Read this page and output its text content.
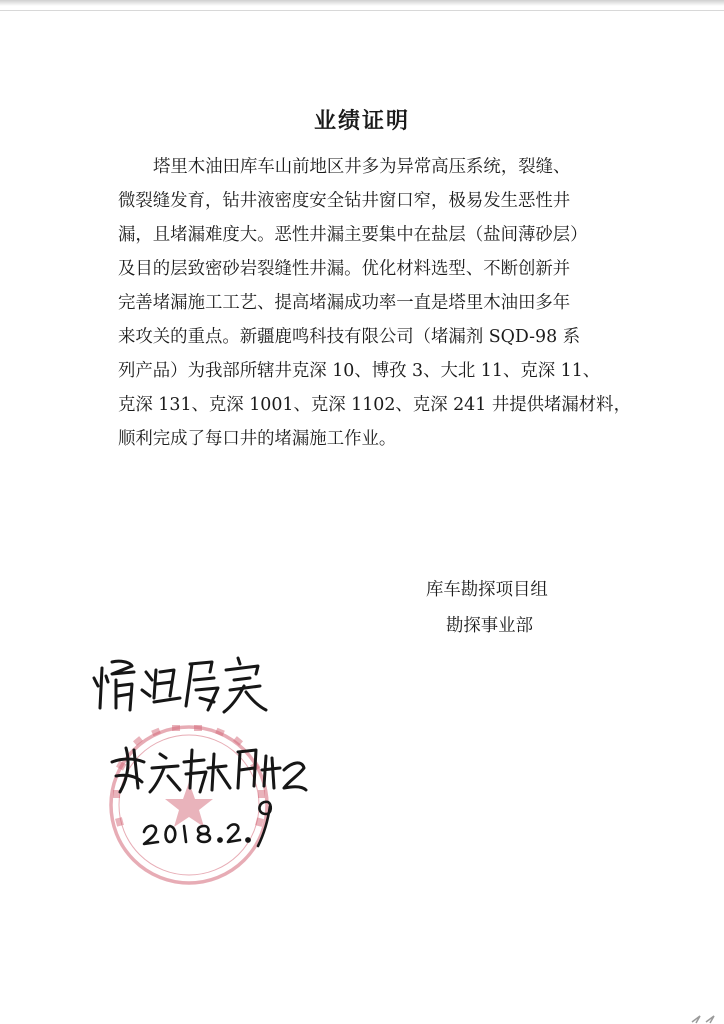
业绩证明
塔里木油田库车山前地区井多为异常高压系统，裂缝、
微裂缝发育，钻井液密度安全钻井窗口窄，极易发生恶性井
漏，且堵漏难度大。恶性井漏主要集中在盐层（盐间薄砂层）
及目的层致密砂岩裂缝性井漏。优化材料选型、不断创新并
完善堵漏施工工艺、提高堵漏成功率一直是塔里木油田多年
来攻关的重点。新疆鹿鸣科技有限公司（堵漏剂 SQD-98 系
列产品）为我部所辖井克深 10、博孜 3、大北 11、克深 11、
克深 131、克深 1001、克深 1102、克深 241 井提供堵漏材料，
顺利完成了每口井的堵漏施工作业。
库车勘探项目组
勘探事业部
